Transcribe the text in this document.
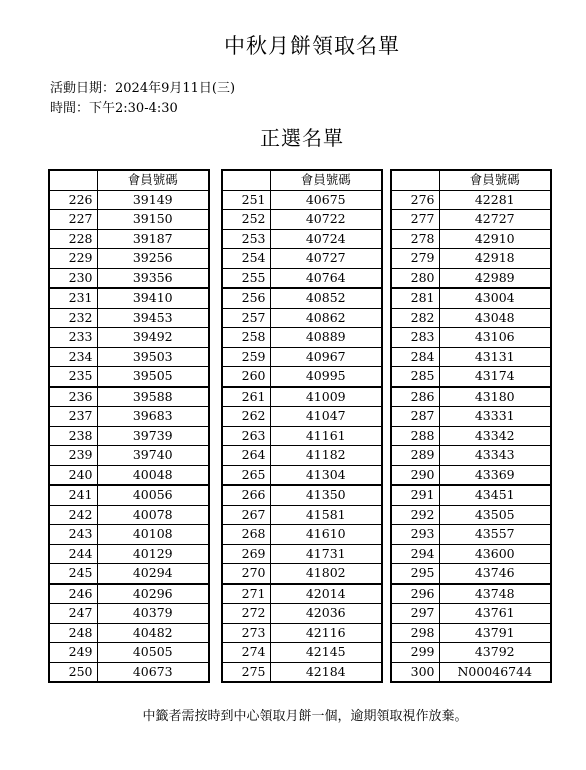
中秋月餅領取名單
活動日期：2024年9月11日(三)
時間：下午2:30-4:30
正選名單
	會員號碼
226	39149
227	39150
228	39187
229	39256
230	39356
231	39410
232	39453
233	39492
234	39503
235	39505
236	39588
237	39683
238	39739
239	39740
240	40048
241	40056
242	40078
243	40108
244	40129
245	40294
246	40296
247	40379
248	40482
249	40505
250	40673
	會員號碼
251	40675
252	40722
253	40724
254	40727
255	40764
256	40852
257	40862
258	40889
259	40967
260	40995
261	41009
262	41047
263	41161
264	41182
265	41304
266	41350
267	41581
268	41610
269	41731
270	41802
271	42014
272	42036
273	42116
274	42145
275	42184
	會員號碼
276	42281
277	42727
278	42910
279	42918
280	42989
281	43004
282	43048
283	43106
284	43131
285	43174
286	43180
287	43331
288	43342
289	43343
290	43369
291	43451
292	43505
293	43557
294	43600
295	43746
296	43748
297	43761
298	43791
299	43792
300	N00046744
中籤者需按時到中心領取月餅一個，逾期領取視作放棄。
